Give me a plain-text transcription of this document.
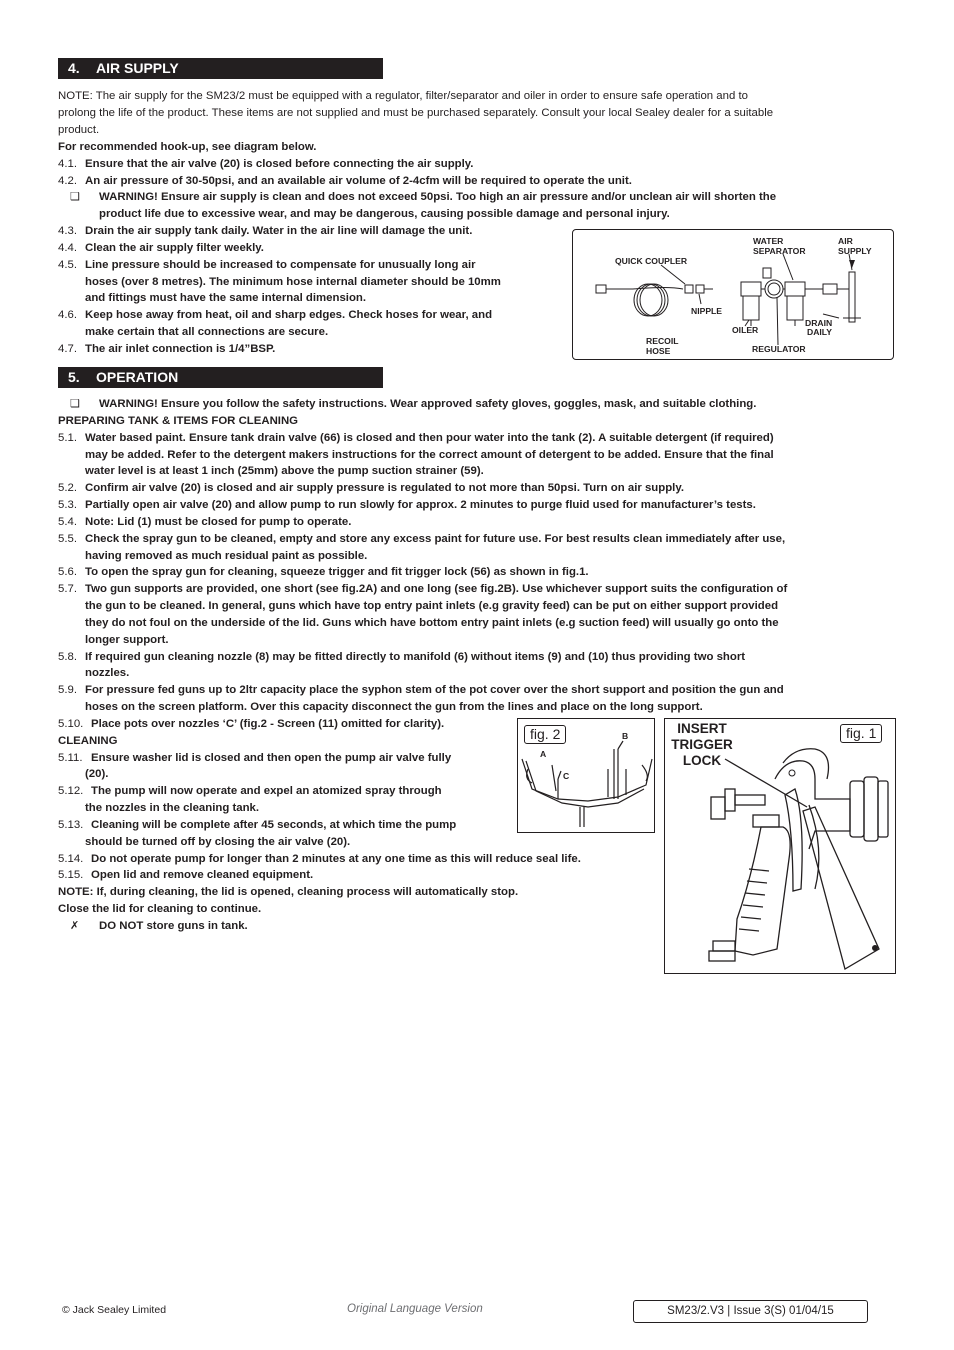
4. AIR SUPPLY
NOTE: The air supply for the SM23/2 must be equipped with a regulator, filter/separator and oiler in order to ensure safe operation and to
prolong the life of the product. These items are not supplied and must be purchased separately. Consult your local Sealey dealer for a suitable
product.
For recommended hook-up, see diagram below.
4.1. Ensure that the air valve (20) is closed before connecting the air supply.
4.2. An air pressure of 30-50psi, and an available air volume of 2-4cfm will be required to operate the unit.
❑ WARNING! Ensure air supply is clean and does not exceed 50psi. Too high an air pressure and/or unclean air will shorten the
product life due to excessive wear, and may be dangerous, causing possible damage and personal injury.
4.3. Drain the air supply tank daily. Water in the air line will damage the unit.
4.4. Clean the air supply filter weekly.
4.5. Line pressure should be increased to compensate for unusually long air
hoses (over 8 metres). The minimum hose internal diameter should be 10mm
and fittings must have the same internal dimension.
4.6. Keep hose away from heat, oil and sharp edges. Check hoses for wear, and
make certain that all connections are secure.
4.7. The air inlet connection is 1/4”BSP.
QUICK COUPLER
WATER
SEPARATOR
AIR
SUPPLY
NIPPLE
OILER
DRAIN
DAILY
RECOIL
HOSE	REGULATOR
5. OPERATION
❑ WARNING! Ensure you follow the safety instructions. Wear approved safety gloves, goggles, mask, and suitable clothing.
PREPARING TANK & ITEMS FOR CLEANING
5.1. Water based paint. Ensure tank drain valve (66) is closed and then pour water into the tank (2). A suitable detergent (if required)
may be added. Refer to the detergent makers instructions for the correct amount of detergent to be added. Ensure that the final
water level is at least 1 inch (25mm) above the pump suction strainer (59).
5.2. Confirm air valve (20) is closed and air supply pressure is regulated to not more than 50psi. Turn on air supply.
5.3. Partially open air valve (20) and allow pump to run slowly for approx. 2 minutes to purge fluid used for manufacturer’s tests.
5.4. Note: Lid (1) must be closed for pump to operate.
5.5. Check the spray gun to be cleaned, empty and store any excess paint for future use. For best results clean immediately after use,
having removed as much residual paint as possible.
5.6. To open the spray gun for cleaning, squeeze trigger and fit trigger lock (56) as shown in fig.1.
5.7. Two gun supports are provided, one short (see fig.2A) and one long (see fig.2B). Use whichever support suits the configuration of
the gun to be cleaned. In general, guns which have top entry paint inlets (e.g gravity feed) can be put on either support provided
they do not foul on the underside of the lid. Guns which have bottom entry paint inlets (e.g suction feed) will usually go onto the
longer support.
5.8. If required gun cleaning nozzle (8) may be fitted directly to manifold (6) without items (9) and (10) thus providing two short
nozzles.
5.9. For pressure fed guns up to 2ltr capacity place the syphon stem of the pot cover over the short support and position the gun and
hoses on the screen platform. Over this capacity disconnect the gun from the lines and place on the long support.
5.10. Place pots over nozzles ‘C’ (fig.2 - Screen (11) omitted for clarity).
CLEANING
5.11. Ensure washer lid is closed and then open the pump air valve fully
(20).
5.12. The pump will now operate and expel an atomized spray through
the nozzles in the cleaning tank.
5.13. Cleaning will be complete after 45 seconds, at which time the pump
should be turned off by closing the air valve (20).
5.14. Do not operate pump for longer than 2 minutes at any one time as this will reduce seal life.
5.15. Open lid and remove cleaned equipment.
NOTE: If, during cleaning, the lid is opened, cleaning process will automatically stop.
Close the lid for cleaning to continue.
✗ DO NOT store guns in tank.
fig. 2
A
B
C
fig. 1
INSERT
TRIGGER
LOCK
© Jack Sealey Limited	Original Language Version	SM23/2.V3 | Issue 3(S) 01/04/15
